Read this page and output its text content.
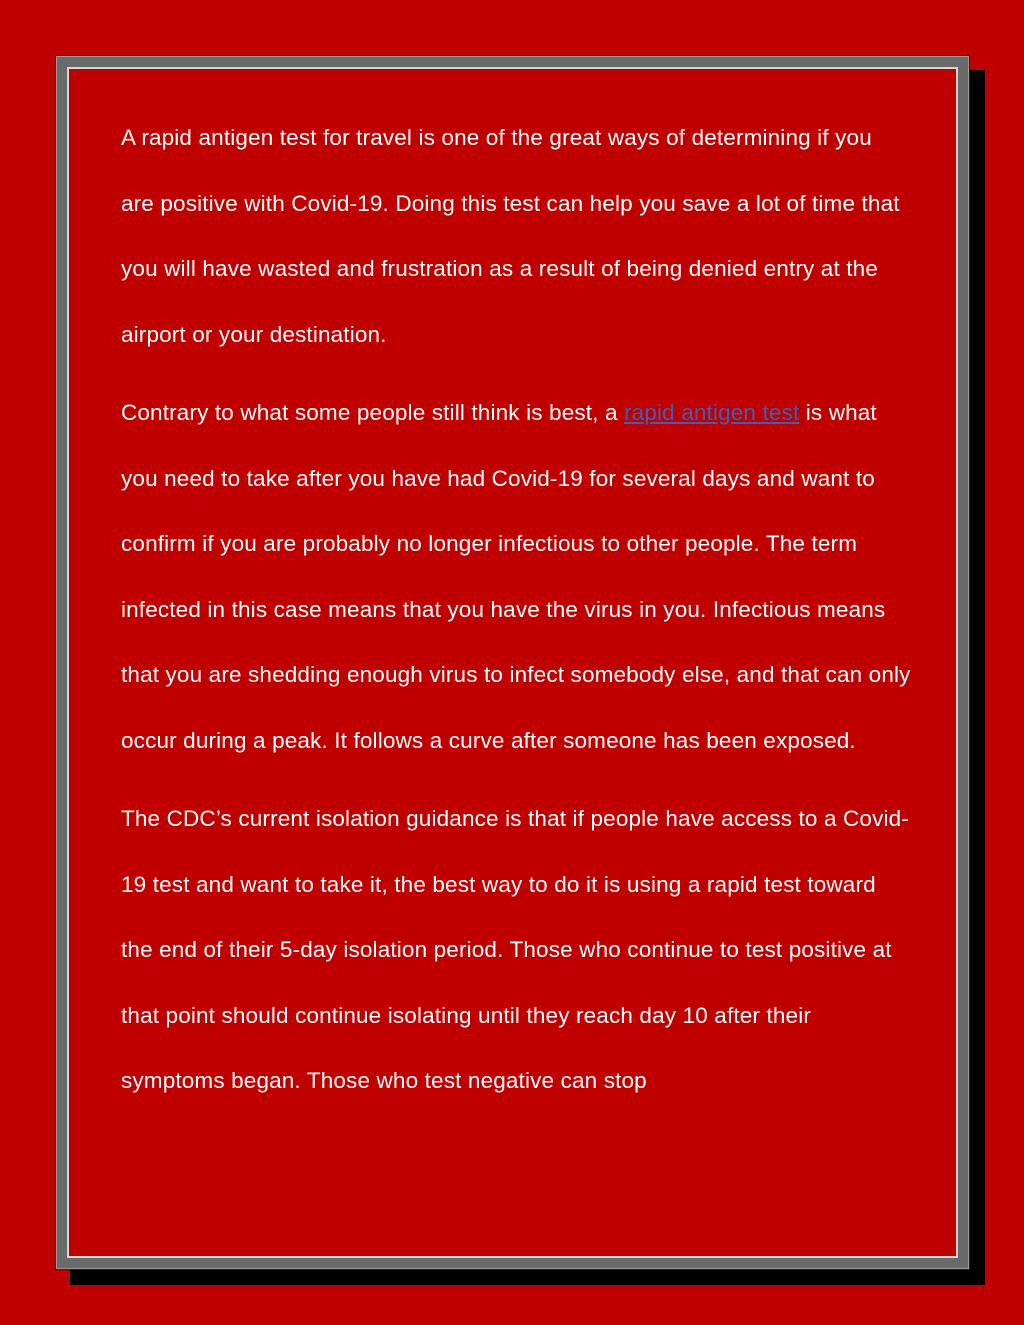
A rapid antigen test for travel is one of the great ways of determining if you are positive with Covid-19. Doing this test can help you save a lot of time that you will have wasted and frustration as a result of being denied entry at the airport or your destination.

Contrary to what some people still think is best, a rapid antigen test is what you need to take after you have had Covid-19 for several days and want to confirm if you are probably no longer infectious to other people. The term infected in this case means that you have the virus in you. Infectious means that you are shedding enough virus to infect somebody else, and that can only occur during a peak. It follows a curve after someone has been exposed.

The CDC’s current isolation guidance is that if people have access to a Covid-19 test and want to take it, the best way to do it is using a rapid test toward the end of their 5-day isolation period. Those who continue to test positive at that point should continue isolating until they reach day 10 after their symptoms began. Those who test negative can stop
